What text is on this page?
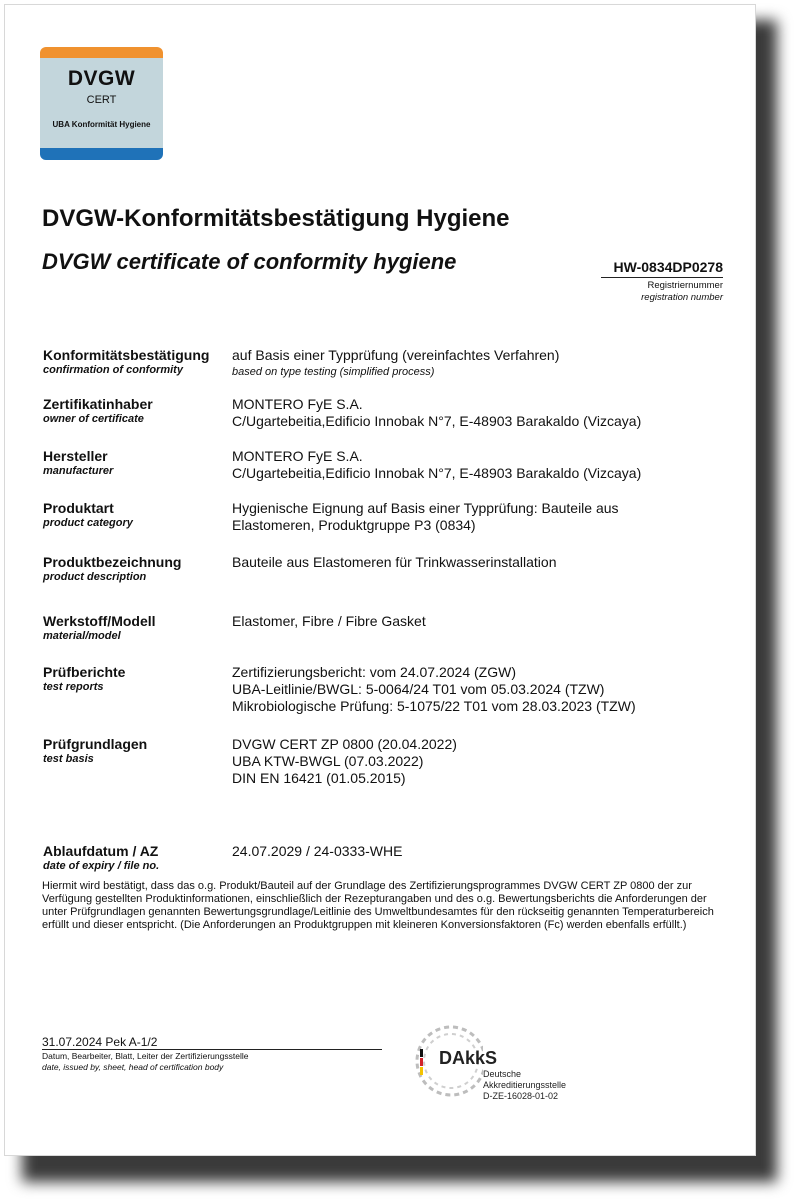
DVGW
CERT
UBA Konformität Hygiene
DVGW-Konformitätsbestätigung Hygiene
DVGW certificate of conformity hygiene	HW-0834DP0278
Registriernummer
registration number
Konformitätsbestätigung
confirmation of conformity
auf Basis einer Typprüfung (vereinfachtes Verfahren)
based on type testing (simplified process)
Zertifikatinhaber
owner of certificate
MONTERO FyE S.A.
C/Ugartebeitia,Edificio Innobak N°7, E-48903 Barakaldo (Vizcaya)
Hersteller
manufacturer
MONTERO FyE S.A.
C/Ugartebeitia,Edificio Innobak N°7, E-48903 Barakaldo (Vizcaya)
Produktart
product category
Hygienische Eignung auf Basis einer Typprüfung: Bauteile aus
Elastomeren, Produktgruppe P3 (0834)
Produktbezeichnung
product description
Bauteile aus Elastomeren für Trinkwasserinstallation
Werkstoff/Modell
material/model
Elastomer, Fibre / Fibre Gasket
Prüfberichte
test reports
Zertifizierungsbericht: vom 24.07.2024 (ZGW)
UBA-Leitlinie/BWGL: 5-0064/24 T01 vom 05.03.2024 (TZW)
Mikrobiologische Prüfung: 5-1075/22 T01 vom 28.03.2023 (TZW)
Prüfgrundlagen
test basis
DVGW CERT ZP 0800 (20.04.2022)
UBA KTW-BWGL (07.03.2022)
DIN EN 16421 (01.05.2015)
Ablaufdatum / AZ
date of expiry / file no.
24.07.2029 / 24-0333-WHE
Hiermit wird bestätigt, dass das o.g. Produkt/Bauteil auf der Grundlage des Zertifizierungsprogrammes DVGW CERT ZP 0800 der zur Verfügung gestellten Produktinformationen, einschließlich der Rezepturangaben und des o.g. Bewertungsberichts die Anforderungen der unter Prüfgrundlagen genannten Bewertungsgrundlage/Leitlinie des Umweltbundesamtes für den rückseitig genannten Temperaturbereich erfüllt und dieser entspricht. (Die Anforderungen an Produktgruppen mit kleineren Konversionsfaktoren (Fc) werden ebenfalls erfüllt.)
31.07.2024 Pek A-1/2
Datum, Bearbeiter, Blatt, Leiter der Zertifizierungsstelle
date, issued by, sheet, head of certification body	DAkkS
Deutsche
Akkreditierungsstelle
D-ZE-16028-01-02
